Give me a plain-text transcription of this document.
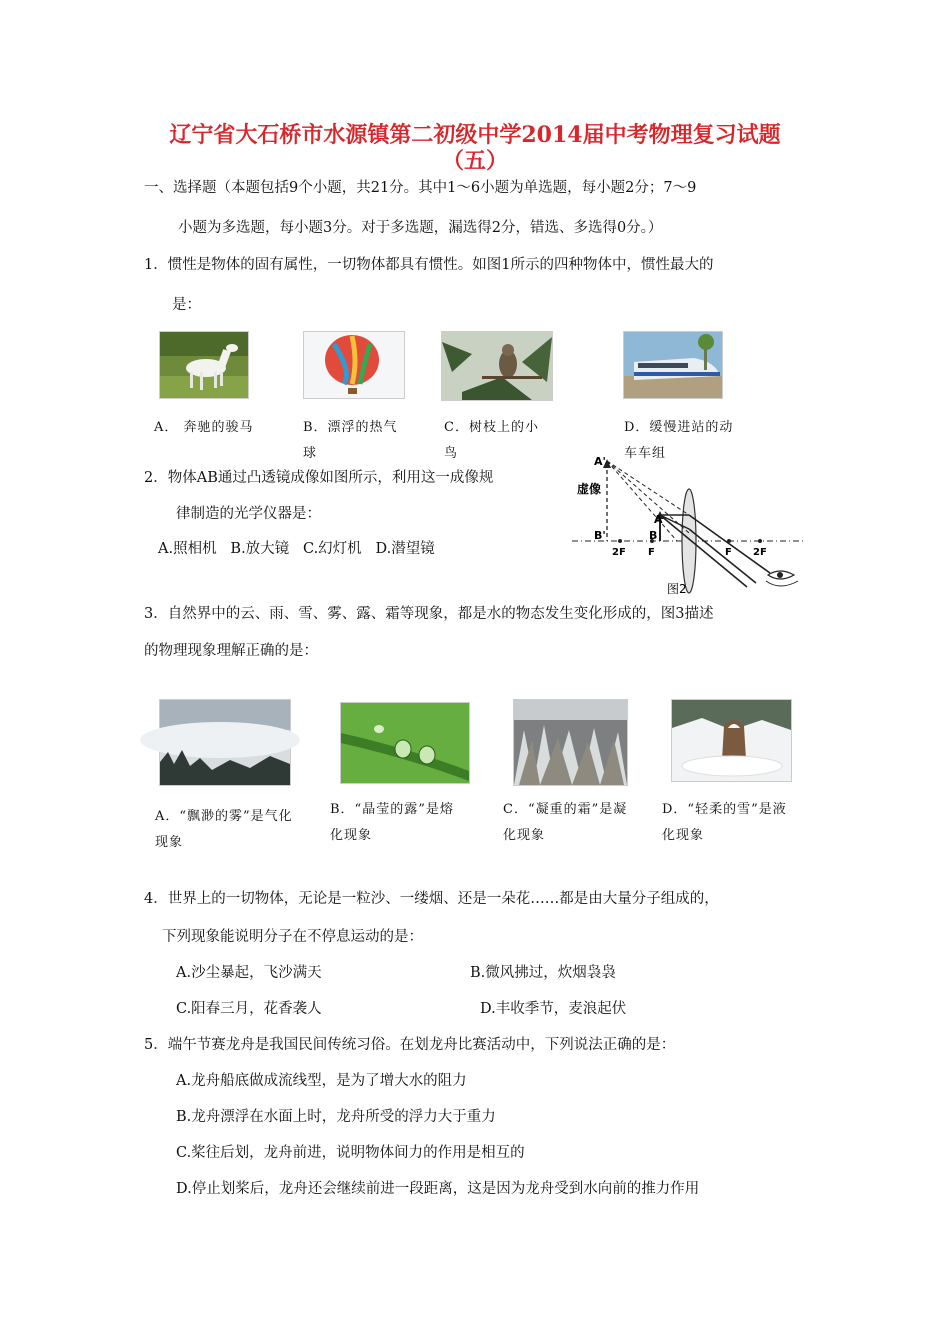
辽宁省大石桥市水源镇第二初级中学2014届中考物理复习试题
（五）
一、选择题（本题包括9个小题，共21分。其中1～6小题为单选题，每小题2分；7～9
小题为多选题，每小题3分。对于多选题，漏选得2分，错选、多选得0分。）
1．惯性是物体的固有属性，一切物体都具有惯性。如图1所示的四种物体中，惯性最大的
是：
A． 奔驰的骏马	B．漂浮的热气球
C．树枝上的小鸟
D．缓慢进站的动车车组
2．物体AB通过凸透镜成像如图所示，利用这一成像规
律制造的光学仪器是：
A.照相机   B.放大镜   C.幻灯机   D.潜望镜
A'
虚像
B'
A
B
2F F	F 2F
图2
3．自然界中的云、雨、雪、雾、露、霜等现象，都是水的物态发生变化形成的，图3描述
的物理现象理解正确的是：
A．“飘渺的雾”是气化现象
B．“晶莹的露”是熔化现象
C．“凝重的霜”是凝化现象
D．“轻柔的雪”是液化现象
4．世界上的一切物体，无论是一粒沙、一缕烟、还是一朵花……都是由大量分子组成的，
下列现象能说明分子在不停息运动的是：
A.沙尘暴起，飞沙满天	B.微风拂过，炊烟袅袅
C.阳春三月，花香袭人	D.丰收季节，麦浪起伏
5．端午节赛龙舟是我国民间传统习俗。在划龙舟比赛活动中，下列说法正确的是：
A.龙舟船底做成流线型，是为了增大水的阻力
B.龙舟漂浮在水面上时，龙舟所受的浮力大于重力
C.桨往后划，龙舟前进，说明物体间力的作用是相互的
D.停止划桨后，龙舟还会继续前进一段距离，这是因为龙舟受到水向前的推力作用
